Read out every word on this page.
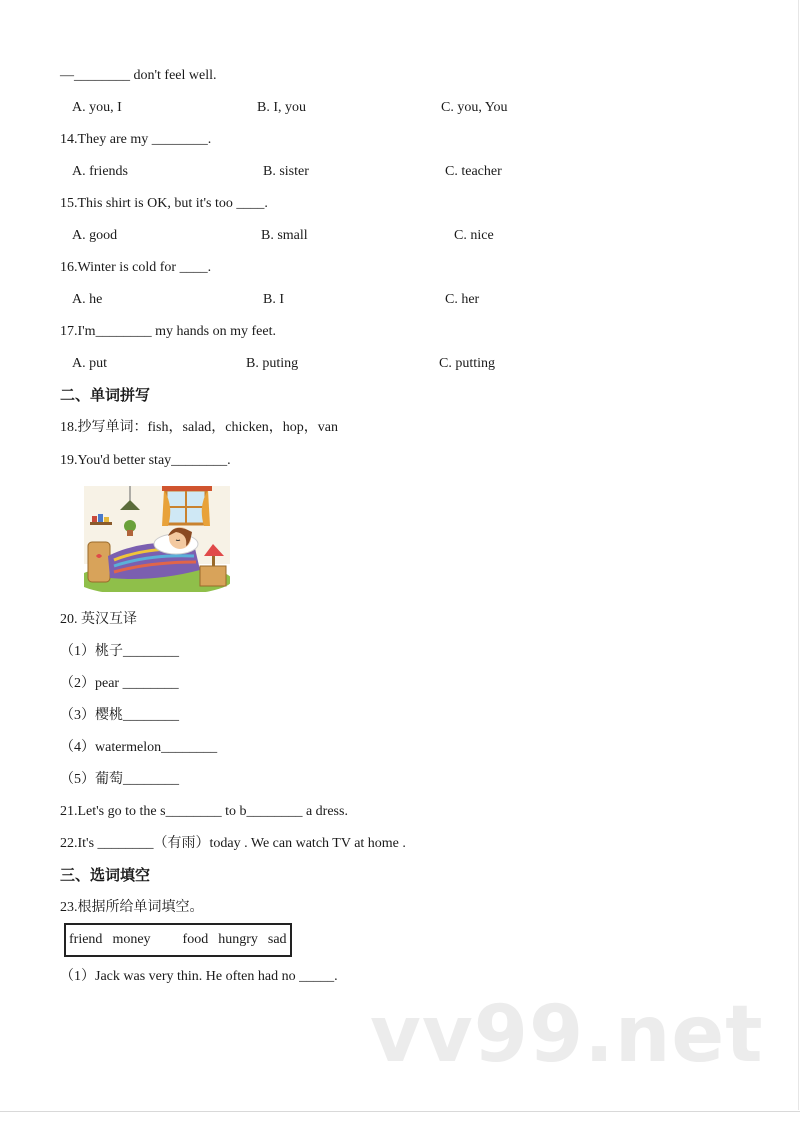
—________ don't feel well.
A. you, I	B. I, you	C. you, You
14.They are my ________.
A. friends	B. sister	C. teacher
15.This shirt is OK, but it's too ____.
A. good	B. small	C. nice
16.Winter is cold for ____.
A. he	B. I	C. her
17.I'm________ my hands on my feet.
A. put	B. puting	C. putting
二、单词拼写
18.抄写单词：fish，salad，chicken，hop，van
19.You'd better stay________.
20. 英汉互译
（1）桃子________
（2）pear ________
（3）樱桃________
（4）watermelon________
（5）葡萄________
21.Let's go to the s________ to b________ a dress.
22.It's ________（有雨）today . We can watch TV at home .
三、选词填空
23.根据所给单词填空。
friend money food hungry sad
（1）Jack was very thin. He often had no _____.
vv99.net
